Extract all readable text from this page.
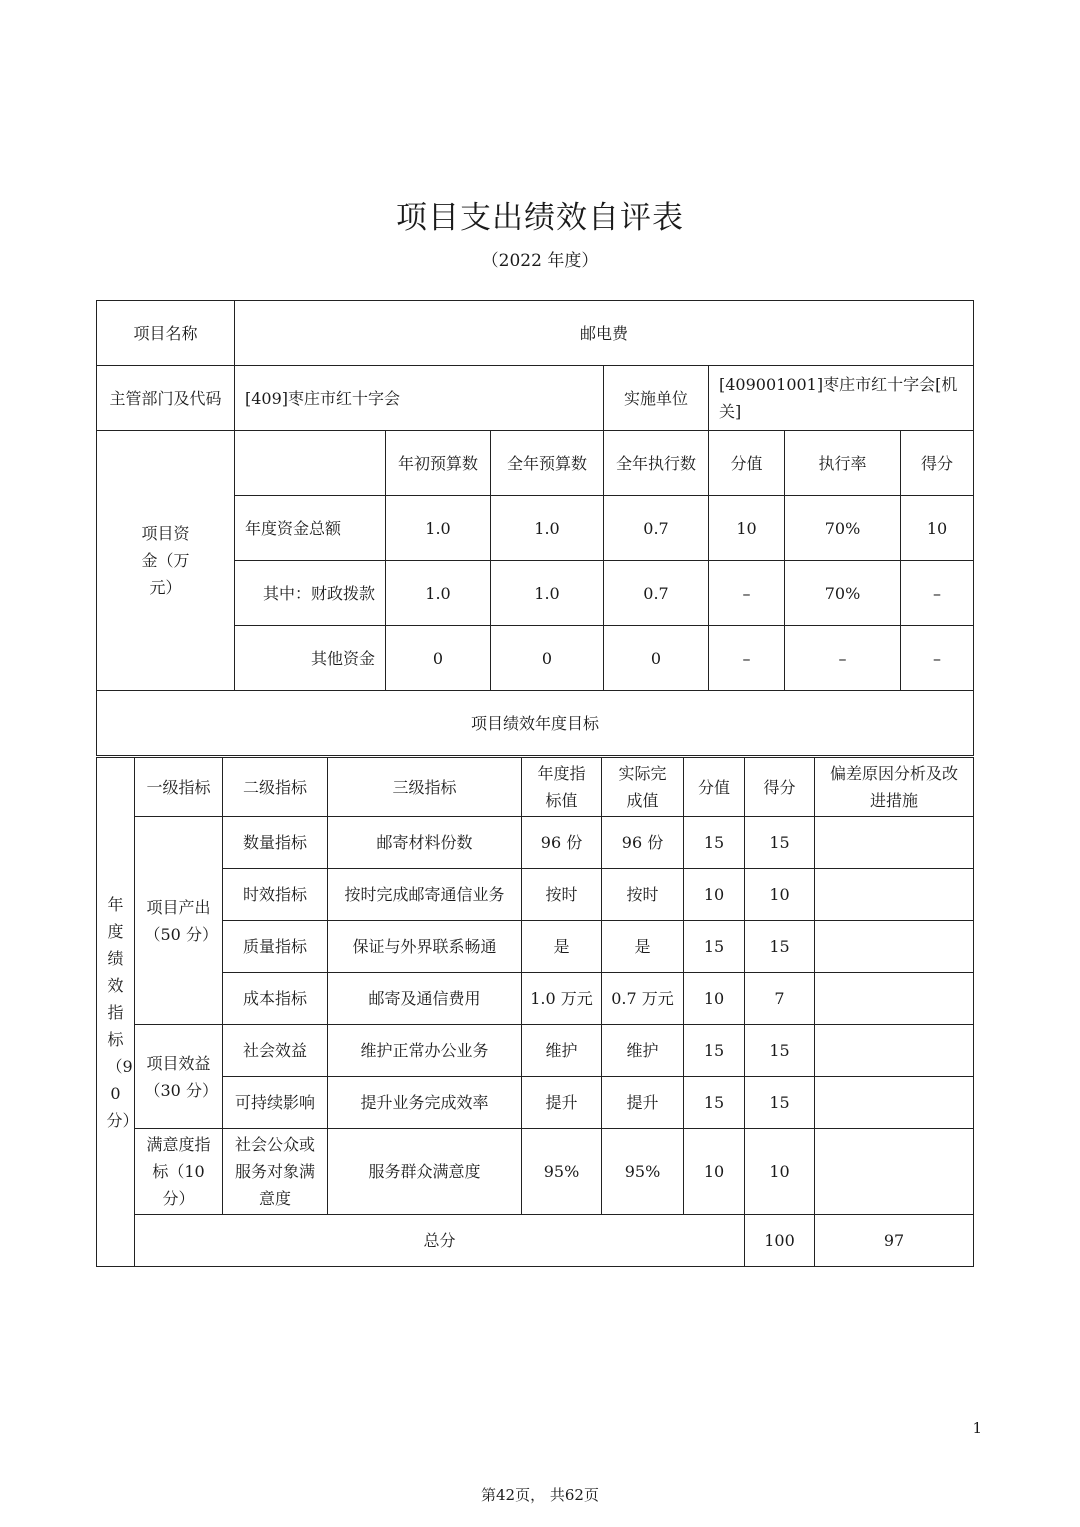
项目支出绩效自评表
（2022 年度）
项目名称	邮电费						
主管部门及代码	[409]枣庄市红十字会			实施单位	[409001001]枣庄市红十字会[机关]		

项目资金（万元）		年初预算数	全年预算数	全年执行数	分值	执行率	得分
	年度资金总额	1.0	1.0	0.7	10	70%	10
	其中：财政拨款	1.0	1.0	0.7	–	70%	–
	其他资金	0	0	0	–	–	–
项目绩效年度目标							
年度绩效指标（90分）	一级指标	二级指标	三级指标	年度指标值	实际完成值	分值	得分	偏差原因分析及改进措施	

	项目产出（50 分）	数量指标	邮寄材料份数	96 份	96 份	15	15		
		时效指标	按时完成邮寄通信业务	按时	按时	10	10		
		质量指标	保证与外界联系畅通	是	是	15	15		
		成本指标	邮寄及通信费用	1.0 万元	0.7 万元	10	7		

	项目效益（30 分）	社会效益	维护正常办公业务	维护	维护	15	15		
		可持续影响	提升业务完成效率	提升	提升	15	15		

	满意度指标（10分）	社会公众或服务对象满意度	服务群众满意度	95%	95%	10	10		
	总分						100	97	
1
第42页， 共62页
